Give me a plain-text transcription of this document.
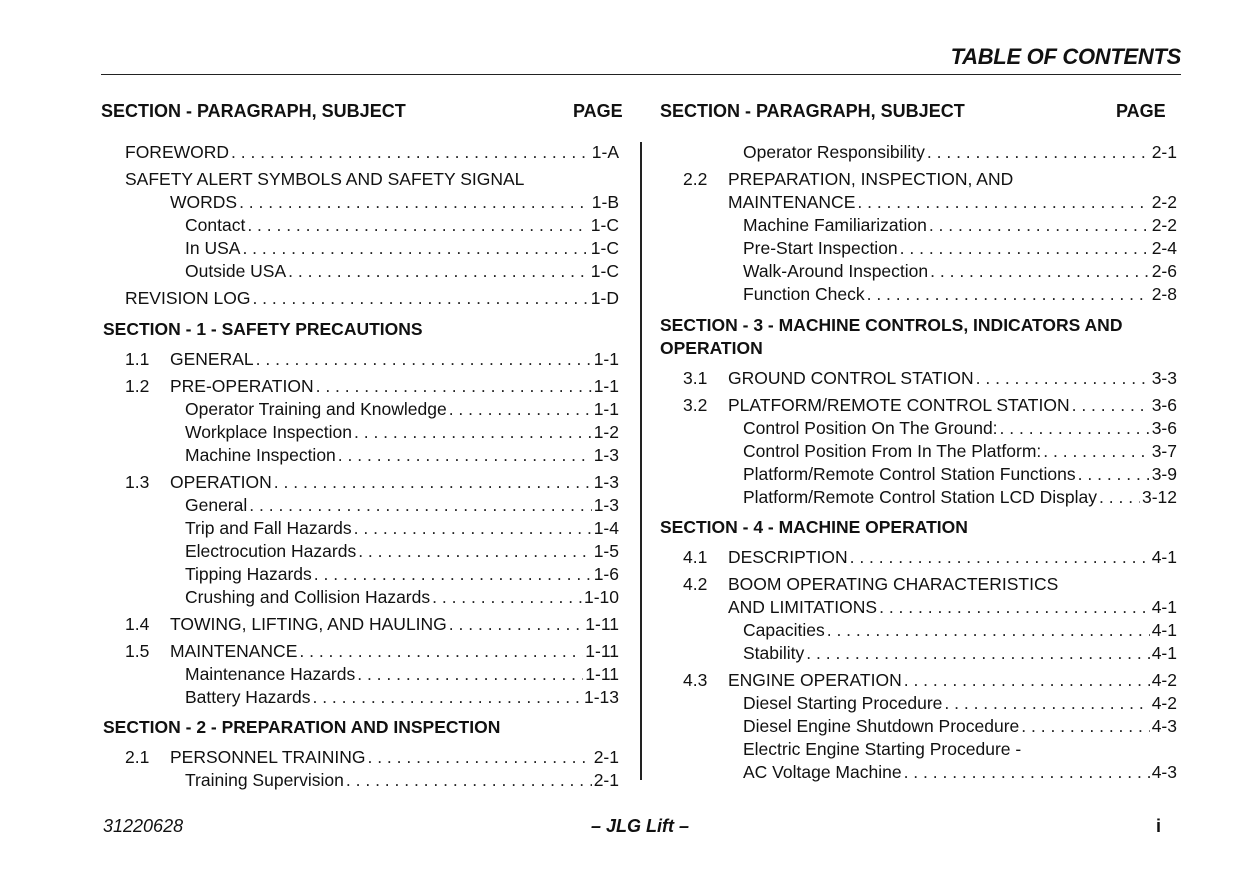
TABLE OF CONTENTS
SECTION - PARAGRAPH, SUBJECT	PAGE SECTION - PARAGRAPH, SUBJECT	PAGE
FOREWORD . . .	1-A
SAFETY ALERT SYMBOLS AND SAFETY SIGNAL
WORDS . . .	1-B
Contact . . .	1-C
In USA . . .	1-C
Outside USA . . .	1-C
REVISION LOG . . .	1-D
SECTION - 1 - SAFETY PRECAUTIONS
1.1 GENERAL . . .	1-1
1.2 PRE-OPERATION . . .	1-1
Operator Training and Knowledge . . .	1-1
Workplace Inspection . . .	1-2
Machine Inspection . . .	1-3
1.3 OPERATION . . .	1-3
General . . .	1-3
Trip and Fall Hazards . . .	1-4
Electrocution Hazards . . .	1-5
Tipping Hazards . . .	1-6
Crushing and Collision Hazards . . .	1-10
1.4 TOWING, LIFTING, AND HAULING . . .	1-11
1.5 MAINTENANCE . . .	1-11
Maintenance Hazards . . .	1-11
Battery Hazards . . .	1-13
SECTION - 2 - PREPARATION AND INSPECTION
2.1 PERSONNEL TRAINING . . .	2-1
Training Supervision . . .	2-1
Operator Responsibility . . .	2-1
2.2 PREPARATION, INSPECTION, AND
MAINTENANCE . . .	2-2
Machine Familiarization . . .	2-2
Pre-Start Inspection . . .	2-4
Walk-Around Inspection . . .	2-6
Function Check . . .	2-8
SECTION - 3 - MACHINE CONTROLS, INDICATORS AND
OPERATION
3.1 GROUND CONTROL STATION . . .	3-3
3.2 PLATFORM/REMOTE CONTROL STATION . . .	3-6
Control Position On The Ground: . . .	3-6
Control Position From In The Platform: . . .	3-7
Platform/Remote Control Station Functions . . .	3-9
Platform/Remote Control Station LCD Display . . .	3-12
SECTION - 4 - MACHINE OPERATION
4.1 DESCRIPTION . . .	4-1
4.2 BOOM OPERATING CHARACTERISTICS
AND LIMITATIONS . . .	4-1
Capacities . . .	4-1
Stability . . .	4-1
4.3 ENGINE OPERATION . . .	4-2
Diesel Starting Procedure . . .	4-2
Diesel Engine Shutdown Procedure . . .	4-3
Electric Engine Starting Procedure -
AC Voltage Machine . . .	4-3
31220628	– JLG Lift –	i
